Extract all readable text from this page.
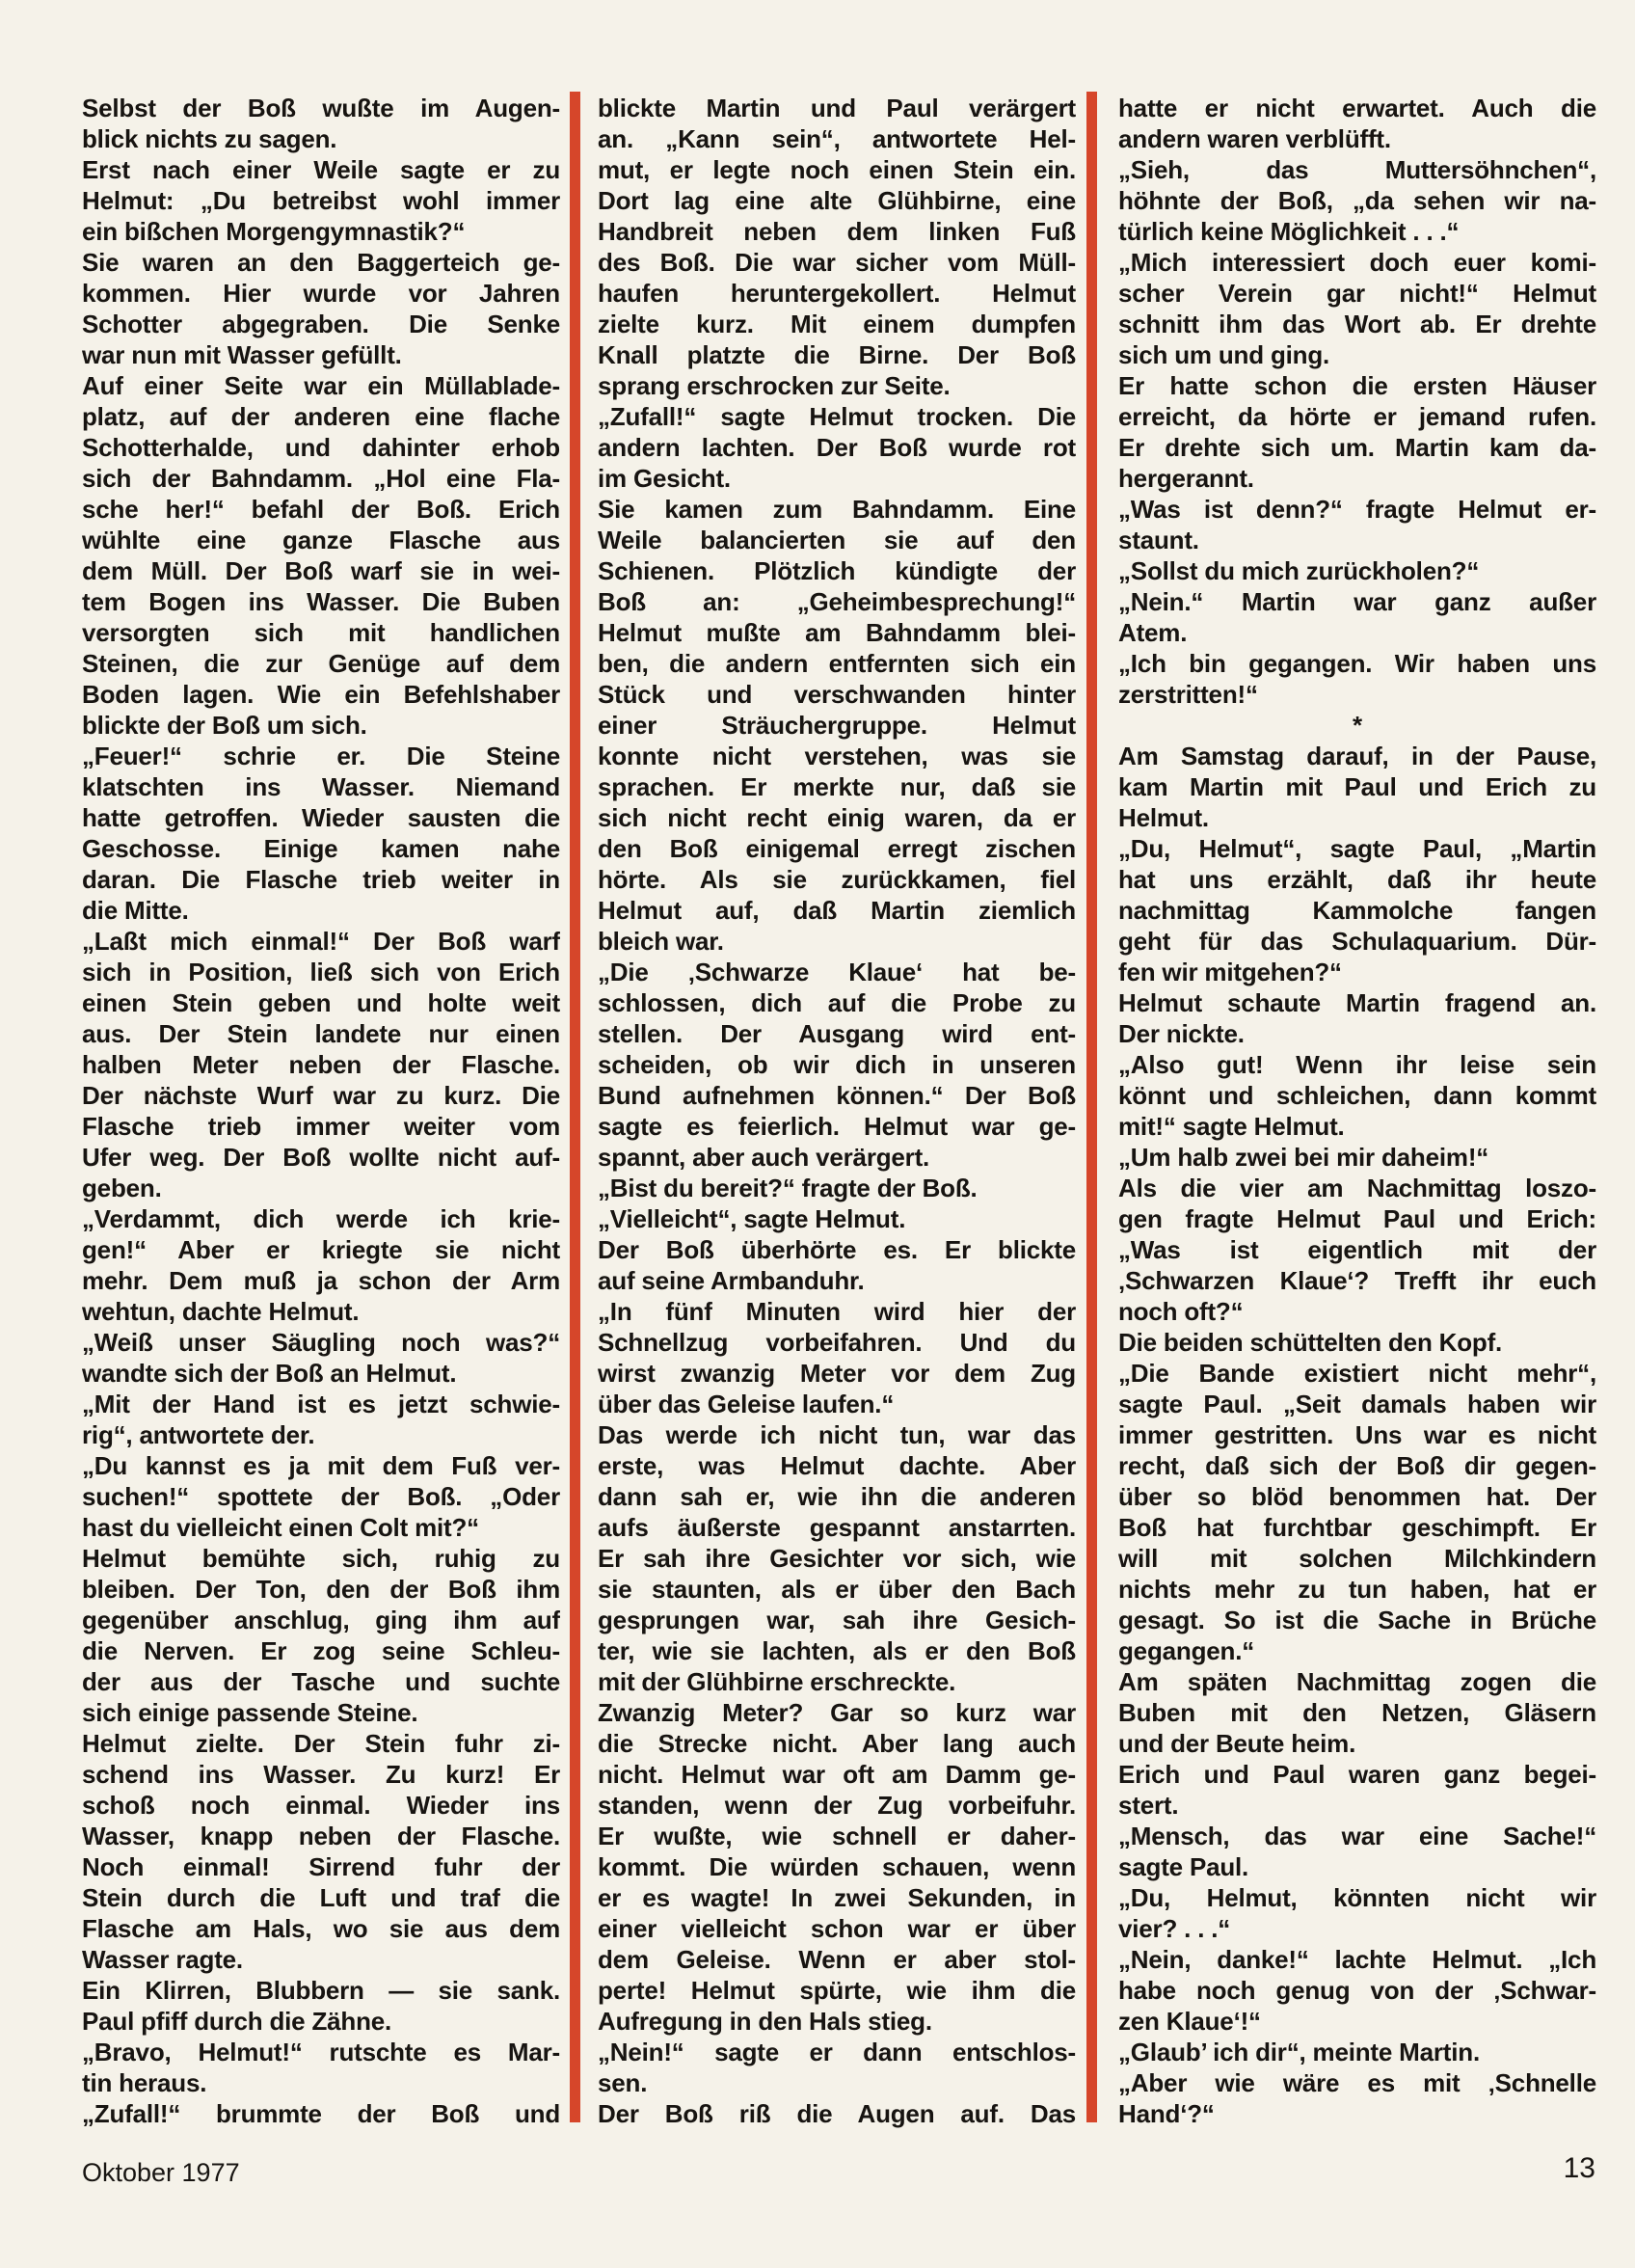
Selbst der Boß wußte im Augen-
blick nichts zu sagen.
Erst nach einer Weile sagte er zu
Helmut: „Du betreibst wohl immer
ein bißchen Morgengymnastik?“
Sie waren an den Baggerteich ge-
kommen. Hier wurde vor Jahren
Schotter abgegraben. Die Senke
war nun mit Wasser gefüllt.
Auf einer Seite war ein Müllablade-
platz, auf der anderen eine flache
Schotterhalde, und dahinter erhob
sich der Bahndamm. „Hol eine Fla-
sche her!“ befahl der Boß. Erich
wühlte eine ganze Flasche aus
dem Müll. Der Boß warf sie in wei-
tem Bogen ins Wasser. Die Buben
versorgten sich mit handlichen
Steinen, die zur Genüge auf dem
Boden lagen. Wie ein Befehlshaber
blickte der Boß um sich.
„Feuer!“ schrie er. Die Steine
klatschten ins Wasser. Niemand
hatte getroffen. Wieder sausten die
Geschosse. Einige kamen nahe
daran. Die Flasche trieb weiter in
die Mitte.
„Laßt mich einmal!“ Der Boß warf
sich in Position, ließ sich von Erich
einen Stein geben und holte weit
aus. Der Stein landete nur einen
halben Meter neben der Flasche.
Der nächste Wurf war zu kurz. Die
Flasche trieb immer weiter vom
Ufer weg. Der Boß wollte nicht auf-
geben.
„Verdammt, dich werde ich krie-
gen!“ Aber er kriegte sie nicht
mehr. Dem muß ja schon der Arm
wehtun, dachte Helmut.
„Weiß unser Säugling noch was?“
wandte sich der Boß an Helmut.
„Mit der Hand ist es jetzt schwie-
rig“, antwortete der.
„Du kannst es ja mit dem Fuß ver-
suchen!“ spottete der Boß. „Oder
hast du vielleicht einen Colt mit?“
Helmut bemühte sich, ruhig zu
bleiben. Der Ton, den der Boß ihm
gegenüber anschlug, ging ihm auf
die Nerven. Er zog seine Schleu-
der aus der Tasche und suchte
sich einige passende Steine.
Helmut zielte. Der Stein fuhr zi-
schend ins Wasser. Zu kurz! Er
schoß noch einmal. Wieder ins
Wasser, knapp neben der Flasche.
Noch einmal! Sirrend fuhr der
Stein durch die Luft und traf die
Flasche am Hals, wo sie aus dem
Wasser ragte.
Ein Klirren, Blubbern — sie sank.
Paul pfiff durch die Zähne.
„Bravo, Helmut!“ rutschte es Mar-
tin heraus.
„Zufall!“ brummte der Boß und
blickte Martin und Paul verärgert
an. „Kann sein“, antwortete Hel-
mut, er legte noch einen Stein ein.
Dort lag eine alte Glühbirne, eine
Handbreit neben dem linken Fuß
des Boß. Die war sicher vom Müll-
haufen heruntergekollert. Helmut
zielte kurz. Mit einem dumpfen
Knall platzte die Birne. Der Boß
sprang erschrocken zur Seite.
„Zufall!“ sagte Helmut trocken. Die
andern lachten. Der Boß wurde rot
im Gesicht.
Sie kamen zum Bahndamm. Eine
Weile balancierten sie auf den
Schienen. Plötzlich kündigte der
Boß an: „Geheimbesprechung!“
Helmut mußte am Bahndamm blei-
ben, die andern entfernten sich ein
Stück und verschwanden hinter
einer Sträuchergruppe. Helmut
konnte nicht verstehen, was sie
sprachen. Er merkte nur, daß sie
sich nicht recht einig waren, da er
den Boß einigemal erregt zischen
hörte. Als sie zurückkamen, fiel
Helmut auf, daß Martin ziemlich
bleich war.
„Die ‚Schwarze Klaue‘ hat be-
schlossen, dich auf die Probe zu
stellen. Der Ausgang wird ent-
scheiden, ob wir dich in unseren
Bund aufnehmen können.“ Der Boß
sagte es feierlich. Helmut war ge-
spannt, aber auch verärgert.
„Bist du bereit?“ fragte der Boß.
„Vielleicht“, sagte Helmut.
Der Boß überhörte es. Er blickte
auf seine Armbanduhr.
„In fünf Minuten wird hier der
Schnellzug vorbeifahren. Und du
wirst zwanzig Meter vor dem Zug
über das Geleise laufen.“
Das werde ich nicht tun, war das
erste, was Helmut dachte. Aber
dann sah er, wie ihn die anderen
aufs äußerste gespannt anstarrten.
Er sah ihre Gesichter vor sich, wie
sie staunten, als er über den Bach
gesprungen war, sah ihre Gesich-
ter, wie sie lachten, als er den Boß
mit der Glühbirne erschreckte.
Zwanzig Meter? Gar so kurz war
die Strecke nicht. Aber lang auch
nicht. Helmut war oft am Damm ge-
standen, wenn der Zug vorbeifuhr.
Er wußte, wie schnell er daher-
kommt. Die würden schauen, wenn
er es wagte! In zwei Sekunden, in
einer vielleicht schon war er über
dem Geleise. Wenn er aber stol-
perte! Helmut spürte, wie ihm die
Aufregung in den Hals stieg.
„Nein!“ sagte er dann entschlos-
sen.
Der Boß riß die Augen auf. Das
hatte er nicht erwartet. Auch die
andern waren verblüfft.
„Sieh, das Muttersöhnchen“,
höhnte der Boß, „da sehen wir na-
türlich keine Möglichkeit . . .“
„Mich interessiert doch euer komi-
scher Verein gar nicht!“ Helmut
schnitt ihm das Wort ab. Er drehte
sich um und ging.
Er hatte schon die ersten Häuser
erreicht, da hörte er jemand rufen.
Er drehte sich um. Martin kam da-
hergerannt.
„Was ist denn?“ fragte Helmut er-
staunt.
„Sollst du mich zurückholen?“
„Nein.“ Martin war ganz außer
Atem.
„Ich bin gegangen. Wir haben uns
zerstritten!“
*
Am Samstag darauf, in der Pause,
kam Martin mit Paul und Erich zu
Helmut.
„Du, Helmut“, sagte Paul, „Martin
hat uns erzählt, daß ihr heute
nachmittag Kammolche fangen
geht für das Schulaquarium. Dür-
fen wir mitgehen?“
Helmut schaute Martin fragend an.
Der nickte.
„Also gut! Wenn ihr leise sein
könnt und schleichen, dann kommt
mit!“ sagte Helmut.
„Um halb zwei bei mir daheim!“
Als die vier am Nachmittag loszo-
gen fragte Helmut Paul und Erich:
„Was ist eigentlich mit der
‚Schwarzen Klaue‘? Trefft ihr euch
noch oft?“
Die beiden schüttelten den Kopf.
„Die Bande existiert nicht mehr“,
sagte Paul. „Seit damals haben wir
immer gestritten. Uns war es nicht
recht, daß sich der Boß dir gegen-
über so blöd benommen hat. Der
Boß hat furchtbar geschimpft. Er
will mit solchen Milchkindern
nichts mehr zu tun haben, hat er
gesagt. So ist die Sache in Brüche
gegangen.“
Am späten Nachmittag zogen die
Buben mit den Netzen, Gläsern
und der Beute heim.
Erich und Paul waren ganz begei-
stert.
„Mensch, das war eine Sache!“
sagte Paul.
„Du, Helmut, könnten nicht wir
vier? . . .“
„Nein, danke!“ lachte Helmut. „Ich
habe noch genug von der ‚Schwar-
zen Klaue‘!“
„Glaub’ ich dir“, meinte Martin.
„Aber wie wäre es mit ‚Schnelle
Hand‘?“
Oktober 1977	13
